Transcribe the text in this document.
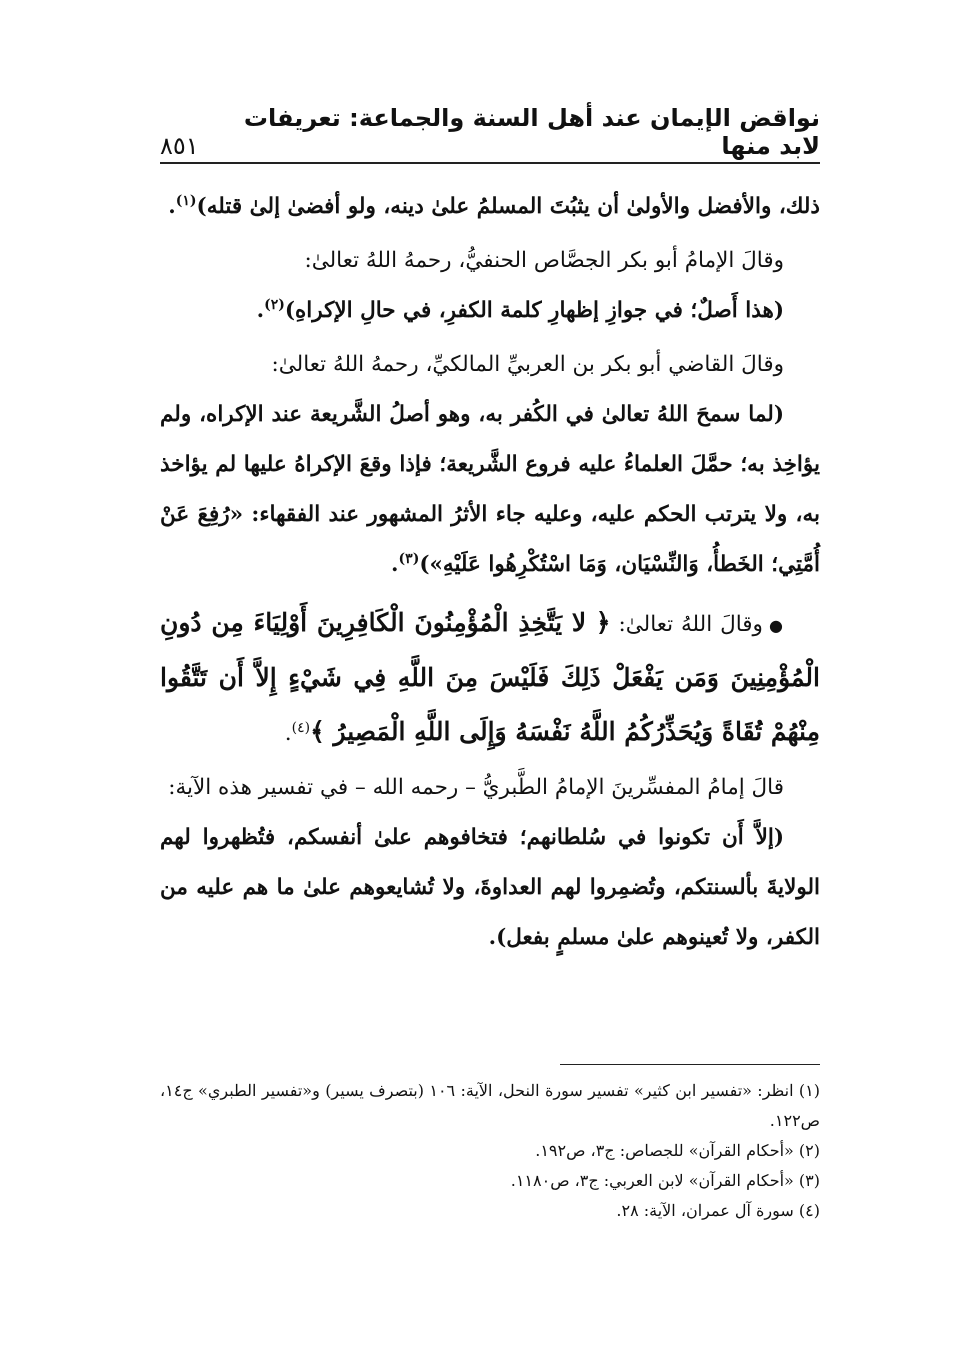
نواقض الإيمان عند أهل السنة والجماعة: تعريفات لابد منها
٨٥١

ذلك، والأفضل والأولىٰ أن يثبُتَ المسلمُ علىٰ دينه، ولو أفضىٰ إلىٰ قتله)$^{(١)}$.

وقالَ الإمامُ أبو بكر الجصَّاص الحنفيُّ، رحمهُ اللهُ تعالىٰ:

(هذا أَصلٌ؛ في جوازِ إظهارِ كلمة الكفرِ، في حالِ الإكراهِ)$^{(٢)}$.

وقالَ القاضي أبو بكر بن العربيِّ المالكيِّ، رحمهُ اللهُ تعالىٰ:

(لما سمحَ اللهُ تعالىٰ في الكُفر به، وهو أصلُ الشَّريعة عند الإكراه، ولم يؤاخِذ به؛ حمَّلَ العلماءُ عليه فروع الشَّريعة؛ فإذا وقعَ الإكراهُ عليها لم يؤاخذ به، ولا يترتب الحكم عليه، وعليه جاء الأثرُ المشهور عند الفقهاء: «رُفِعَ عَنْ أُمَّتِي؛ الخَطأُ، وَالنِّسْيَان، وَمَا اسْتُكْرِهُوا عَلَيْهِ»)$^{(٣)}$.

●وقالَ اللهُ تعالىٰ: ﴿ لا يَتَّخِذِ الْمُؤْمِنُونَ الْكَافِرِينَ أَوْلِيَاءَ مِن دُونِ الْمُؤْمِنِينَ وَمَن يَفْعَلْ ذَلِكَ فَلَيْسَ مِنَ اللَّهِ فِي شَيْءٍ إِلاَّ أَن تَتَّقُوا مِنْهُمْ تُقَاةً وَيُحَذِّرُكُمُ اللَّهُ نَفْسَهُ وَإِلَى اللَّهِ الْمَصِيرُ ﴾$^{(٤)}$.

قالَ إمامُ المفسِّرينَ الإمامُ الطَّبريُّ – رحمه الله – في تفسير هذه الآية:

(إلاَّ أَن تكونوا في سُلطانهم؛ فتخافوهم علىٰ أنفسكم، فتُظهروا لهم الولايةَ بألسنتكم، وتُضمِروا لهم العداوةَ، ولا تُشايعوهم علىٰ ما هم عليه من الكفر، ولا تُعينوهم علىٰ مسلمٍ بفعل).

(١) انظر: «تفسير ابن كثير» تفسير سورة النحل، الآية: ١٠٦ (بتصرف يسير) و«تفسير الطبري» ج١٤، ص١٢٢.

(٢) «أحكام القرآن» للجصاص: ج٣، ص١٩٢.

(٣) «أحكام القرآن» لابن العربي: ج٣، ص١١٨٠.

(٤) سورة آل عمران، الآية: ٢٨.
